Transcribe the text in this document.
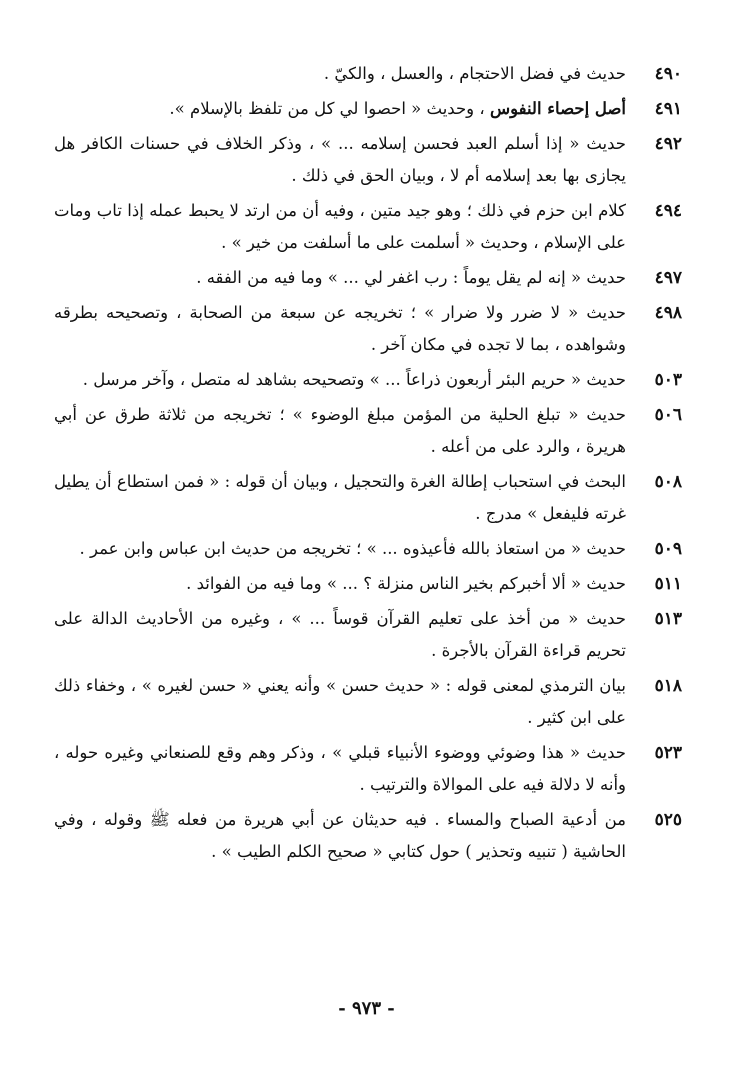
٤٩٠
حديث في فضل الاحتجام ، والعسل ، والكيّ .
٤٩١
أصل إحصاء النفوس ، وحديث « احصوا لي كل من تلفظ بالإسلام ».
٤٩٢
حديث « إذا أسلم العبد فحسن إسلامه ... » ، وذكر الخلاف في حسنات الكافر هل يجازى بها بعد إسلامه أم لا ، وبيان الحق في ذلك .
٤٩٤
كلام ابن حزم في ذلك ؛ وهو جيد متين ، وفيه أن من ارتد لا يحبط عمله إذا تاب ومات على الإسلام ، وحديث « أسلمت على ما أسلفت من خير » .
٤٩٧
حديث « إنه لم يقل يوماً : رب اغفر لي ... » وما فيه من الفقه .
٤٩٨
حديث « لا ضرر ولا ضرار » ؛ تخريجه عن سبعة من الصحابة ، وتصحيحه بطرقه وشواهده ، بما لا تجده في مكان آخر .
٥٠٣
حديث « حريم البئر أربعون ذراعاً ... » وتصحيحه بشاهد له متصل ، وآخر مرسل .
٥٠٦
حديث « تبلغ الحلية من المؤمن مبلغ الوضوء » ؛ تخريجه من ثلاثة طرق عن أبي هريرة ، والرد على من أعله .
٥٠٨
البحث في استحباب إطالة الغرة والتحجيل ، وبيان أن قوله : « فمن استطاع أن يطيل غرته فليفعل » مدرج .
٥٠٩
حديث « من استعاذ بالله فأعيذوه ... » ؛ تخريجه من حديث ابن عباس وابن عمر .
٥١١
حديث « ألا أخبركم بخير الناس منزلة ؟ ... » وما فيه من الفوائد .
٥١٣
حديث « من أخذ على تعليم القرآن قوساً ... » ، وغيره من الأحاديث الدالة على تحريم قراءة القرآن بالأجرة .
٥١٨
بيان الترمذي لمعنى قوله : « حديث حسن » وأنه يعني « حسن لغيره » ، وخفاء ذلك على ابن كثير .
٥٢٣
حديث « هذا وضوئي ووضوء الأنبياء قبلي » ، وذكر وهم وقع للصنعاني وغيره حوله ، وأنه لا دلالة فيه على الموالاة والترتيب .
٥٢٥
من أدعية الصباح والمساء . فيه حديثان عن أبي هريرة من فعله ﷺ وقوله ، وفي الحاشية ( تنبيه وتحذير ) حول كتابي « صحيح الكلم الطيب » .
- ٩٧٣ -
